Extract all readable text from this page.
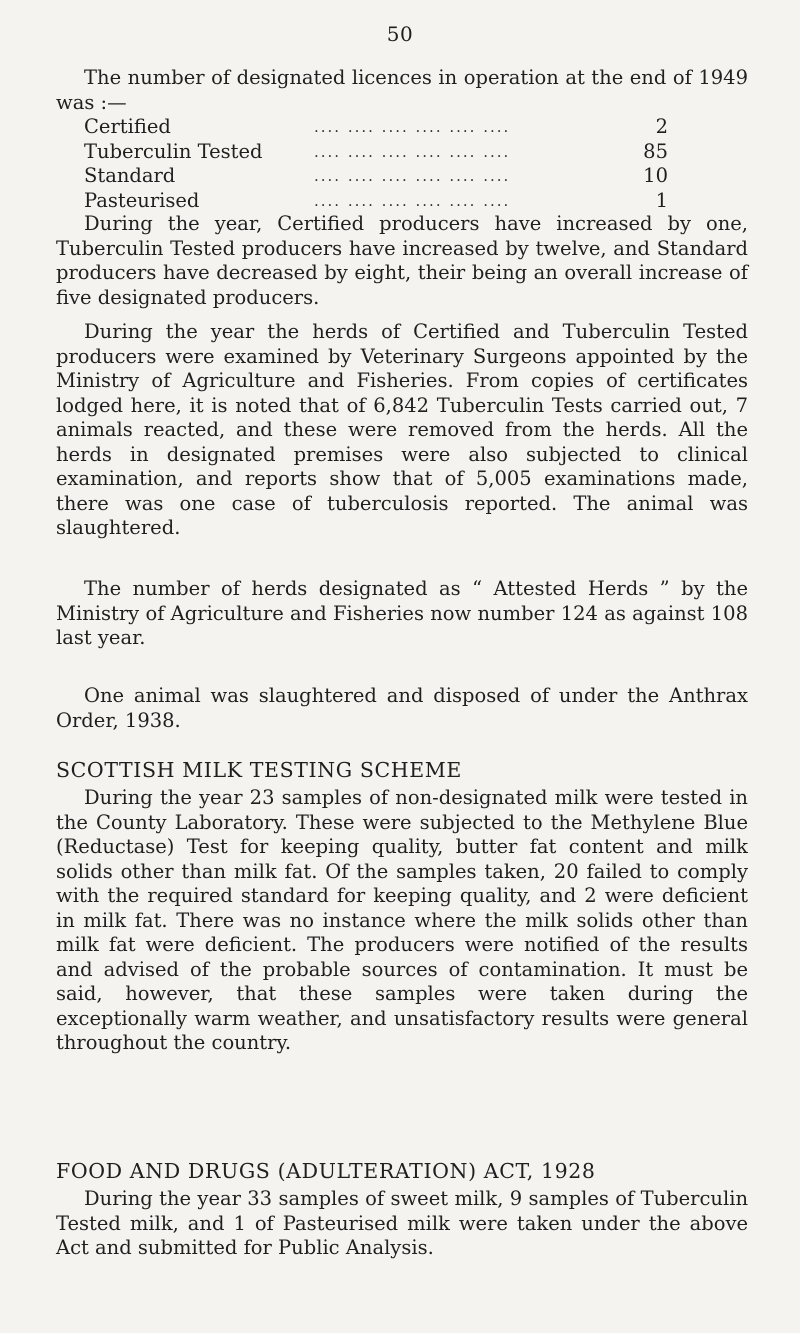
50

The number of designated licences in operation at the end of 1949 was :—

Certified	.... .... .... .... .... ....	2
Tuberculin Tested	.... .... .... .... .... ....	85
Standard	.... .... .... .... .... ....	10
Pasteurised	.... .... .... .... .... ....	1

During the year, Certified producers have increased by one, Tuberculin Tested producers have increased by twelve, and Standard producers have decreased by eight, their being an overall increase of five designated producers.

During the year the herds of Certified and Tuberculin Tested producers were examined by Veterinary Surgeons appointed by the Ministry of Agriculture and Fisheries. From copies of certificates lodged here, it is noted that of 6,842 Tuberculin Tests carried out, 7 animals reacted, and these were removed from the herds. All the herds in designated premises were also subjected to clinical examination, and reports show that of 5,005 examinations made, there was one case of tuberculosis reported. The animal was slaughtered.

The number of herds designated as “ Attested Herds ” by the Ministry of Agriculture and Fisheries now number 124 as against 108 last year.

One animal was slaughtered and disposed of under the Anthrax Order, 1938.

SCOTTISH MILK TESTING SCHEME

During the year 23 samples of non-designated milk were tested in the County Laboratory. These were subjected to the Methylene Blue (Reductase) Test for keeping quality, butter fat content and milk solids other than milk fat. Of the samples taken, 20 failed to comply with the required standard for keeping quality, and 2 were deficient in milk fat. There was no instance where the milk solids other than milk fat were deficient. The producers were notified of the results and advised of the probable sources of contamination. It must be said, however, that these samples were taken during the exceptionally warm weather, and unsatisfactory results were general throughout the country.

FOOD AND DRUGS (ADULTERATION) ACT, 1928

During the year 33 samples of sweet milk, 9 samples of Tuberculin Tested milk, and 1 of Pasteurised milk were taken under the above Act and submitted for Public Analysis.
